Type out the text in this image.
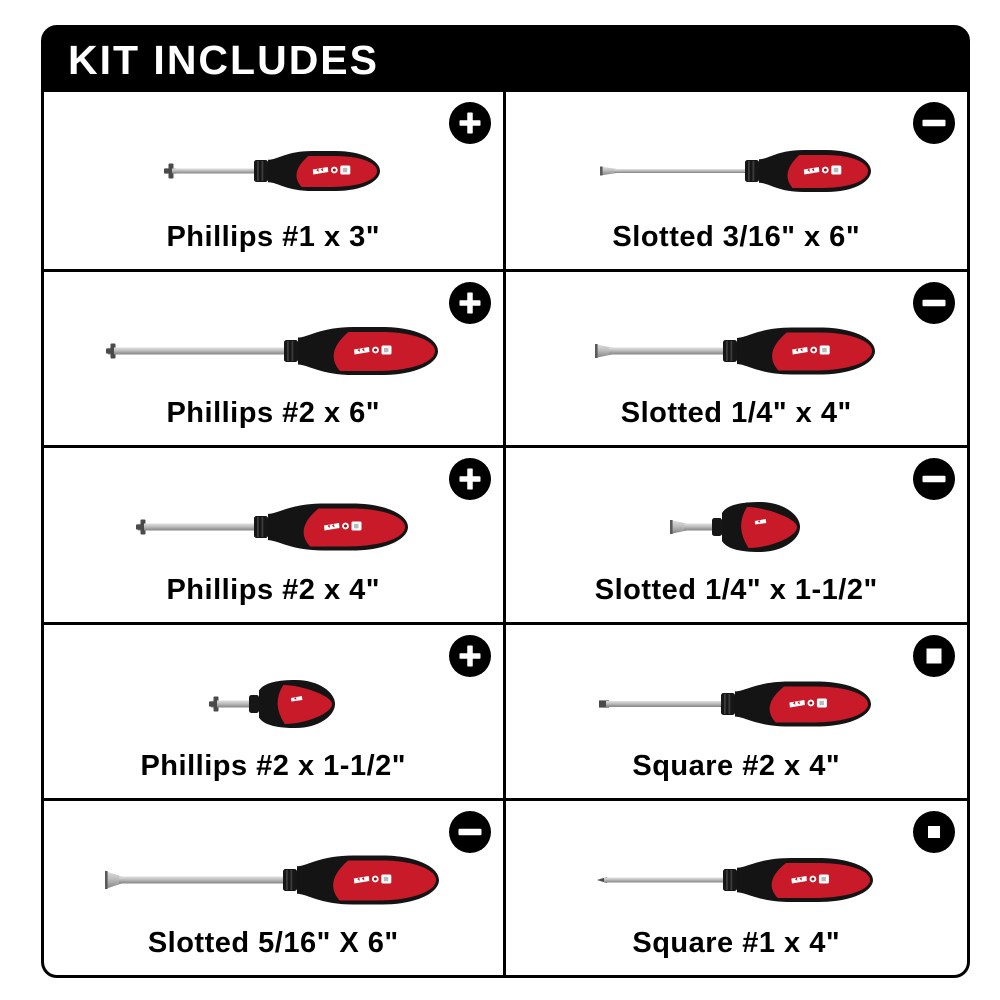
KIT INCLUDES
Phillips #1 x 3"	Slotted 3/16" x 6"
Phillips #2 x 6"	Slotted 1/4" x 4"
Phillips #2 x 4"	Slotted 1/4" x 1-1/2"
Phillips #2 x 1-1/2"	Square #2 x 4"
Slotted 5/16" X 6"	Square #1 x 4"
